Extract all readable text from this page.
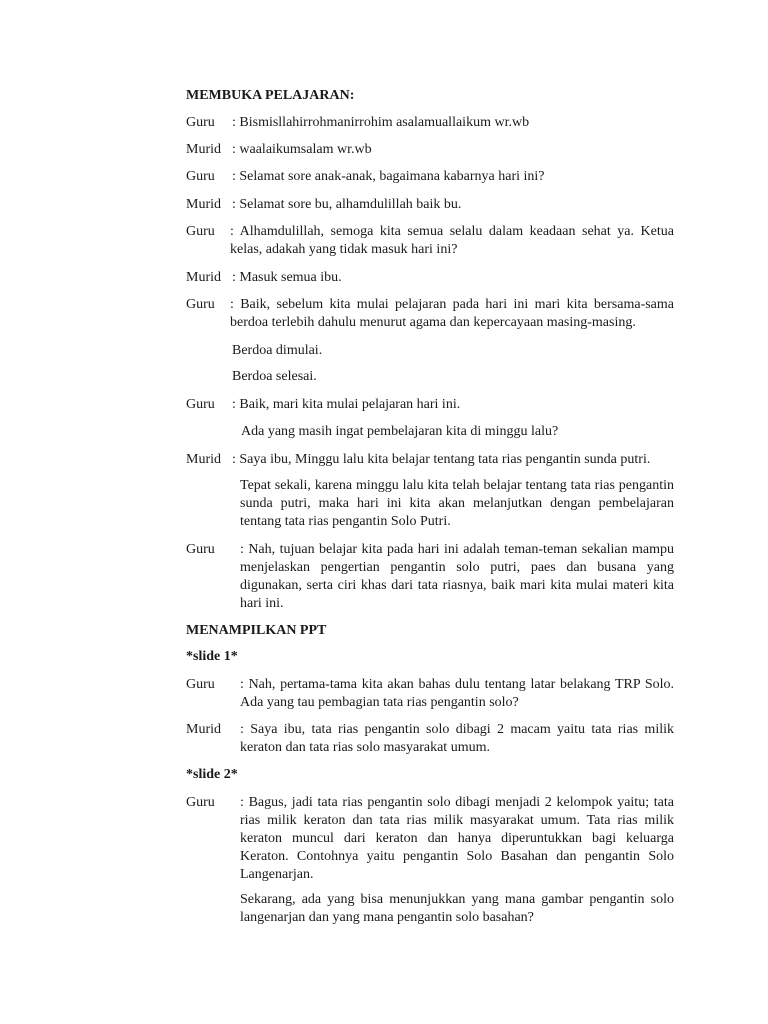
MEMBUKA PELAJARAN:
Guru : Bismisllahirrohmanirrohim asalamuallaikum wr.wb
Murid : waalaikumsalam wr.wb
Guru : Selamat sore anak-anak, bagaimana kabarnya hari ini?
Murid : Selamat sore bu, alhamdulillah baik bu.
Guru : Alhamdulillah, semoga kita semua selalu dalam keadaan sehat ya. Ketua kelas, adakah yang tidak masuk hari ini?
Murid : Masuk semua ibu.
Guru : Baik, sebelum kita mulai pelajaran pada hari ini mari kita bersama-sama berdoa terlebih dahulu menurut agama dan kepercayaan masing-masing.
Berdoa dimulai.
Berdoa selesai.
Guru : Baik, mari kita mulai pelajaran hari ini.
Ada yang masih ingat pembelajaran kita di minggu lalu?
Murid : Saya ibu, Minggu lalu kita belajar tentang tata rias pengantin sunda putri.
Tepat sekali, karena minggu lalu kita telah belajar tentang tata rias pengantin sunda putri, maka hari ini kita akan melanjutkan dengan pembelajaran tentang tata rias pengantin Solo Putri.
Guru : Nah, tujuan belajar kita pada hari ini adalah teman-teman sekalian mampu menjelaskan pengertian pengantin solo putri, paes dan busana yang digunakan, serta ciri khas dari tata riasnya, baik mari kita mulai materi kita hari ini.
MENAMPILKAN PPT
*slide 1*
Guru : Nah, pertama-tama kita akan bahas dulu tentang latar belakang TRP Solo. Ada yang tau pembagian tata rias pengantin solo?
Murid : Saya ibu, tata rias pengantin solo dibagi 2 macam yaitu tata rias milik keraton dan tata rias solo masyarakat umum.
*slide 2*
Guru : Bagus, jadi tata rias pengantin solo dibagi menjadi 2 kelompok yaitu; tata rias milik keraton dan tata rias milik masyarakat umum. Tata rias milik keraton muncul dari keraton dan hanya diperuntukkan bagi keluarga Keraton. Contohnya yaitu pengantin Solo Basahan dan pengantin Solo Langenarjan.
Sekarang, ada yang bisa menunjukkan yang mana gambar pengantin solo langenarjan dan yang mana pengantin solo basahan?
